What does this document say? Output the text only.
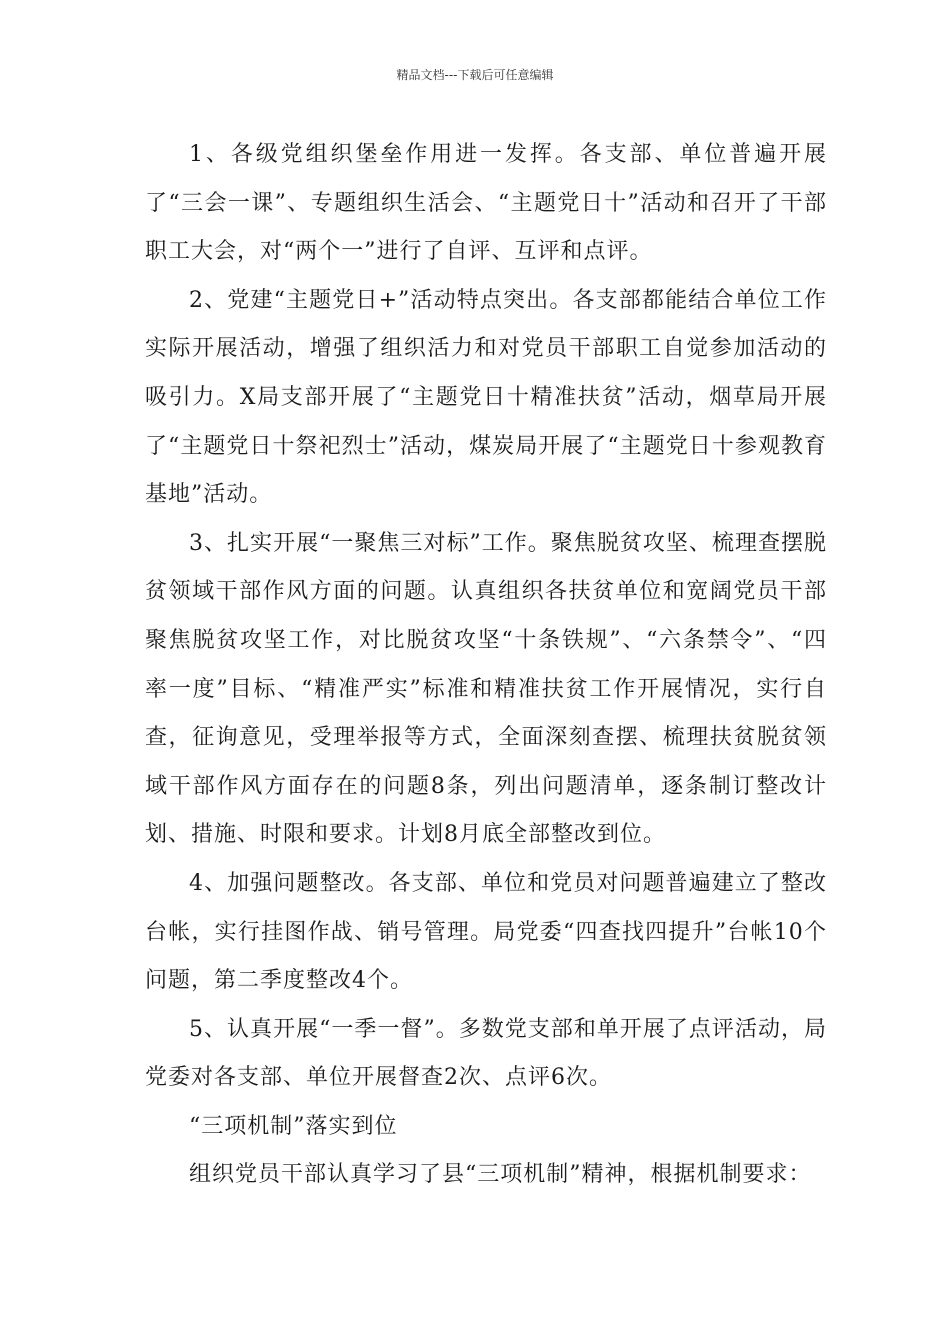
精品文档---下载后可任意编辑

1、各级党组织堡垒作用进一发挥。各支部、单位普遍开展了“三会一课”、专题组织生活会、“主题党日十”活动和召开了干部职工大会，对“两个一”进行了自评、互评和点评。

2、党建“主题党日+”活动特点突出。各支部都能结合单位工作实际开展活动，增强了组织活力和对党员干部职工自觉参加活动的吸引力。X局支部开展了“主题党日十精准扶贫”活动，烟草局开展了“主题党日十祭祀烈士”活动，煤炭局开展了“主题党日十参观教育基地”活动。

3、扎实开展“一聚焦三对标”工作。聚焦脱贫攻坚、梳理查摆脱贫领域干部作风方面的问题。认真组织各扶贫单位和宽阔党员干部聚焦脱贫攻坚工作，对比脱贫攻坚“十条铁规”、“六条禁令”、“四率一度”目标、“精准严实”标准和精准扶贫工作开展情况，实行自查，征询意见，受理举报等方式，全面深刻查摆、梳理扶贫脱贫领域干部作风方面存在的问题8条，列出问题清单，逐条制订整改计划、措施、时限和要求。计划8月底全部整改到位。

4、加强问题整改。各支部、单位和党员对问题普遍建立了整改台帐，实行挂图作战、销号管理。局党委“四查找四提升”台帐10个问题，第二季度整改4个。

5、认真开展“一季一督”。多数党支部和单开展了点评活动，局党委对各支部、单位开展督查2次、点评6次。

“三项机制”落实到位

组织党员干部认真学习了县“三项机制”精神，根据机制要求：
